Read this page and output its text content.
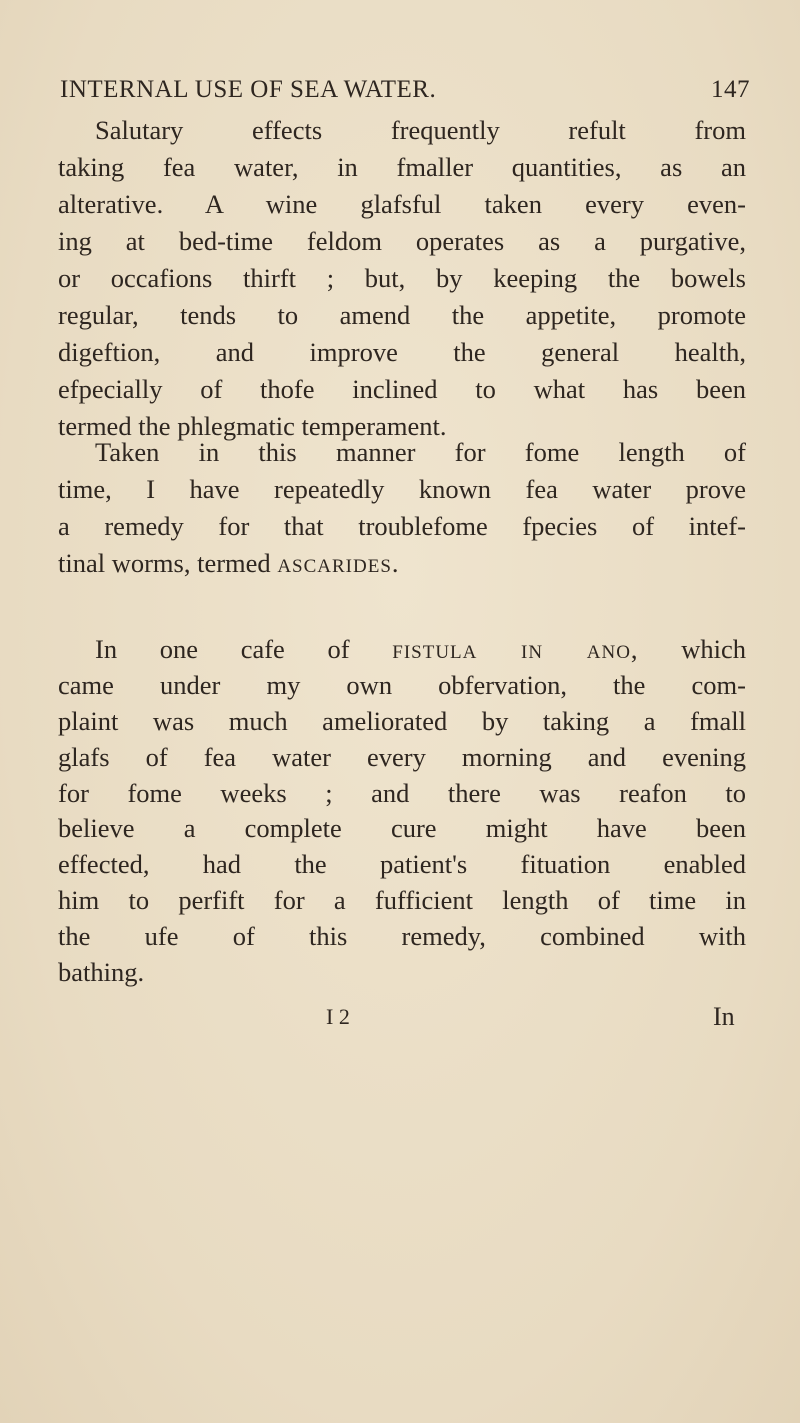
INTERNAL USE OF SEA WATER.	147
Salutary effects frequently refult from
taking fea water, in fmaller quantities, as an
alterative. A wine glafsful taken every even-
ing at bed-time feldom operates as a purgative,
or occafions thirft ; but, by keeping the bowels
regular, tends to amend the appetite, promote
digeftion, and improve the general health,
efpecially of thofe inclined to what has been
termed the phlegmatic temperament.
tinal worms, termed ascarides.
Taken in this manner for fome length of
time, I have repeatedly known fea water prove
a remedy for that troublefome fpecies of intef-
In one cafe of fistula in ano, which
came under my own obfervation, the com-
plaint was much ameliorated by taking a fmall
glafs of fea water every morning and evening
for fome weeks ; and there was reafon to
believe a complete cure might have been
effected, had the patient's fituation enabled
him to perfift for a fufficient length of time in
the ufe of this remedy, combined with
bathing.
I 2	In
